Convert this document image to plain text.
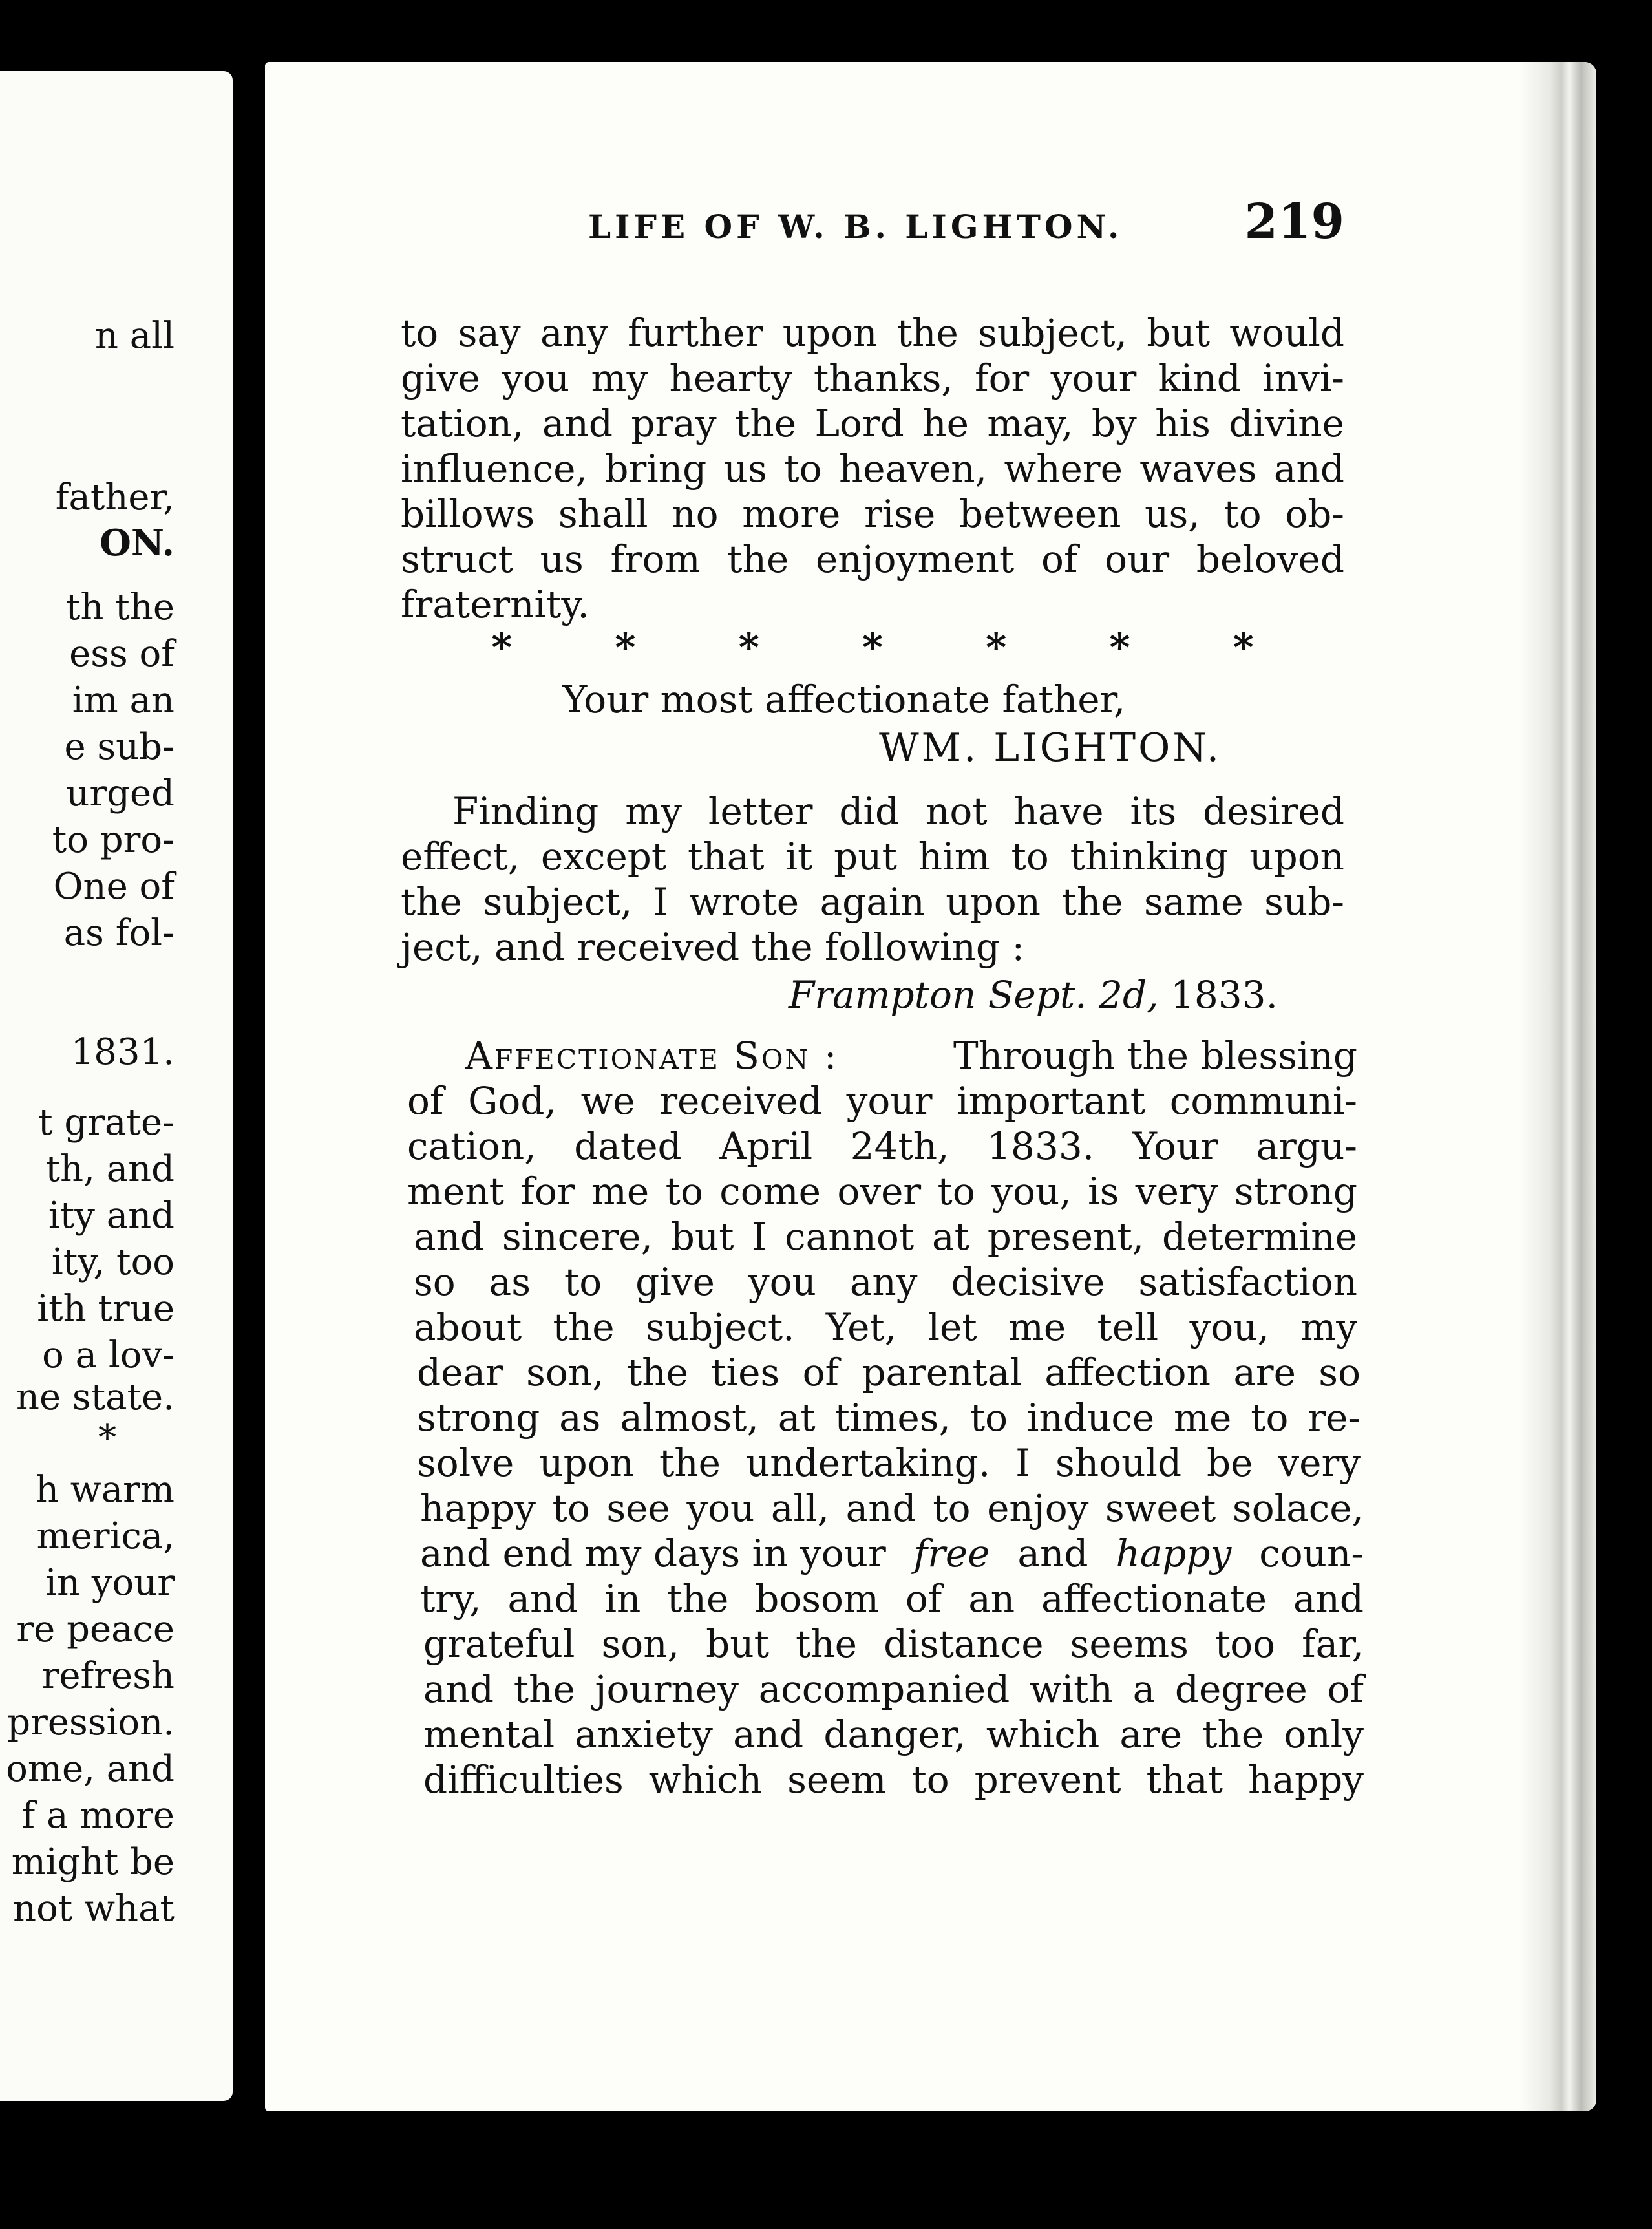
n all
father,
ON.
th the
ess of
im an
e sub-
urged
to pro-
One of
as fol-
1831.
t grate-
th, and
ity and
ity, too
ith true
o a lov-
ne state.
*
h warm
merica,
in your
re peace
refresh
pression.
ome, and
f a more
might be
not what
LIFE OF W. B. LIGHTON.	219
to say any further upon the subject, but would
give you my hearty thanks, for your kind invi-
tation, and pray the Lord he may, by his divine
influence, bring us to heaven, where waves and
billows shall no more rise between us, to ob-
struct us from the enjoyment of our beloved
fraternity.
*	*	*	*	*	*	*
Your most affectionate father,
WM. LIGHTON.
Finding my letter did not have its desired
effect, except that it put him to thinking upon
the subject, I wrote again upon the same sub-
ject, and received the following :
Frampton Sept. 2d, 1833.
Affectionate Son :	Through the blessing
of God, we received your important communi-
cation, dated April 24th, 1833. Your argu-
ment for me to come over to you, is very strong
and sincere, but I cannot at present, determine
so as to give you any decisive satisfaction
about the subject. Yet, let me tell you, my
dear son, the ties of parental affection are so
strong as almost, at times, to induce me to re-
solve upon the undertaking. I should be very
happy to see you all, and to enjoy sweet solace,
and end my days in your free and happy coun-
try, and in the bosom of an affectionate and
grateful son, but the distance seems too far,
and the journey accompanied with a degree of
mental anxiety and danger, which are the only
difficulties which seem to prevent that happy
